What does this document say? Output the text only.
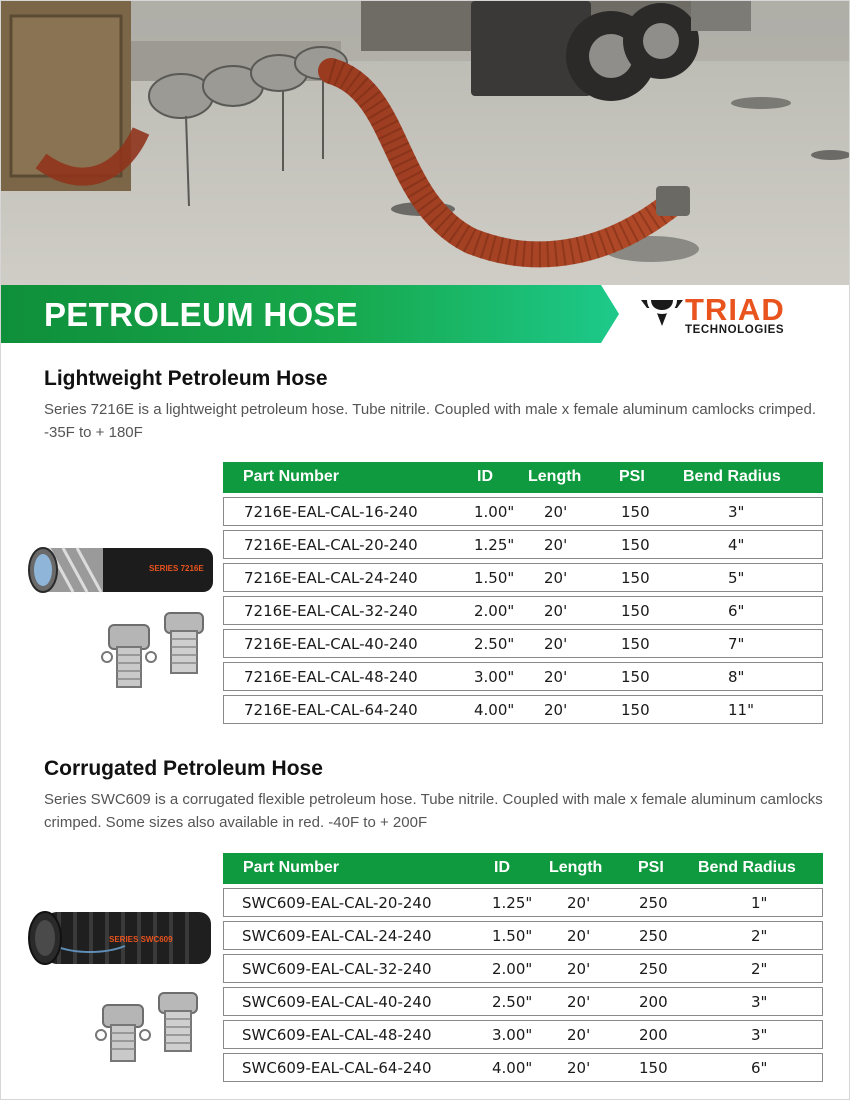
PETROLEUM HOSE	TRIAD
TECHNOLOGIES
Lightweight Petroleum Hose
Series 7216E is a lightweight petroleum hose. Tube nitrile. Coupled with male x female aluminum camlocks crimped. -35F to + 180F
SERIES 7216E
Part Number	ID Length PSI Bend Radius
7216E-EAL-CAL-16-240	1.00" 20'	150	3"
7216E-EAL-CAL-20-240	1.25" 20'	150	4"
7216E-EAL-CAL-24-240	1.50" 20'	150	5"
7216E-EAL-CAL-32-240	2.00" 20'	150	6"
7216E-EAL-CAL-40-240	2.50" 20'	150	7"
7216E-EAL-CAL-48-240	3.00" 20'	150	8"
7216E-EAL-CAL-64-240	4.00" 20'	150	11"
Corrugated Petroleum Hose
Series SWC609 is a corrugated flexible petroleum hose. Tube nitrile. Coupled with male x female aluminum camlocks crimped. Some sizes also available in red. -40F to + 200F
SERIES SWC609
Part Number	ID Length PSI Bend Radius
SWC609-EAL-CAL-20-240	1.25" 20'	250	1"
SWC609-EAL-CAL-24-240	1.50" 20'	250	2"
SWC609-EAL-CAL-32-240	2.00" 20'	250	2"
SWC609-EAL-CAL-40-240	2.50" 20'	200	3"
SWC609-EAL-CAL-48-240	3.00" 20'	200	3"
SWC609-EAL-CAL-64-240	4.00" 20'	150	6"
